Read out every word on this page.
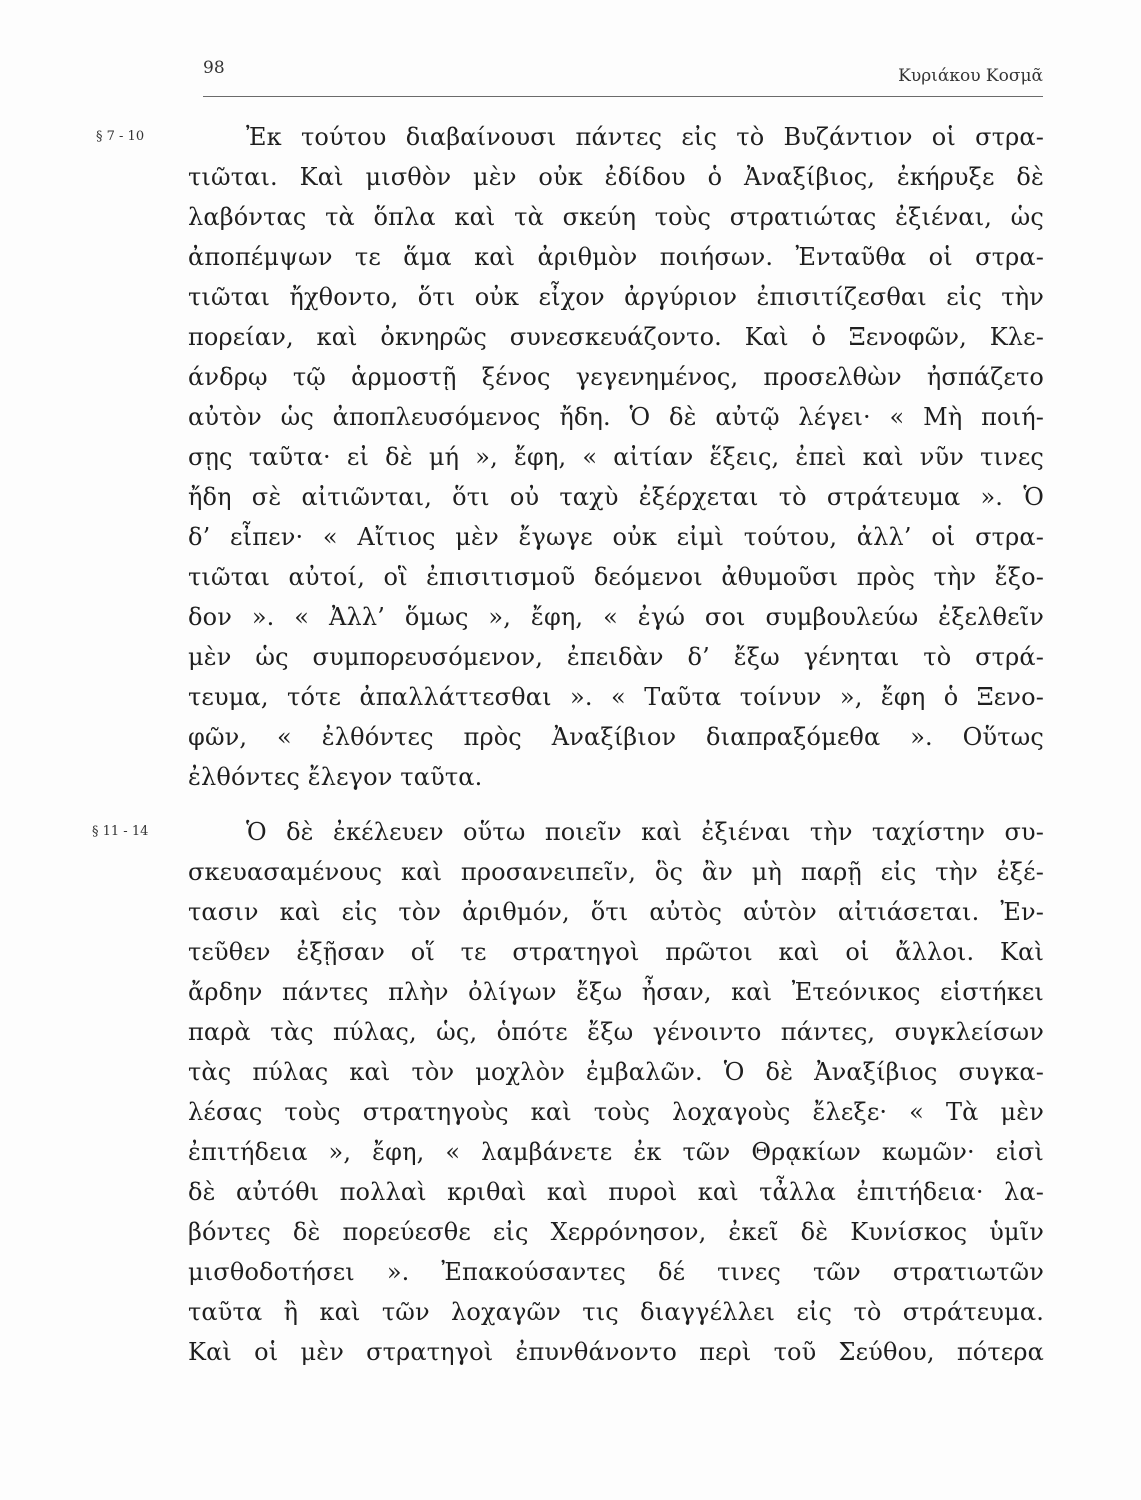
98	Κυριάκου Κοσμᾶ
§ 7 - 10	Ἐκ τούτου διαβαίνουσι πάντες εἰς τὸ Βυζάντιον οἱ στρα-
τιῶται. Καὶ μισθὸν μὲν οὐκ ἐδίδου ὁ Ἀναξίβιος, ἐκήρυξε δὲ
λαβόντας τὰ ὅπλα καὶ τὰ σκεύη τοὺς στρατιώτας ἐξιέναι, ὡς
ἀποπέμψων τε ἅμα καὶ ἀριθμὸν ποιήσων. Ἐνταῦθα οἱ στρα-
τιῶται ἤχθοντο, ὅτι οὐκ εἶχον ἀργύριον ἐπισιτίζεσθαι εἰς τὴν
πορείαν, καὶ ὀκνηρῶς συνεσκευάζοντο. Καὶ ὁ Ξενοφῶν, Κλε-
άνδρῳ τῷ ἁρμοστῇ ξένος γεγενημένος, προσελθὼν ἠσπάζετο
αὐτὸν ὡς ἀποπλευσόμενος ἤδη. Ὁ δὲ αὐτῷ λέγει· « Μὴ ποιή-
σῃς ταῦτα· εἰ δὲ μή », ἔφη, « αἰτίαν ἕξεις, ἐπεὶ καὶ νῦν τινες
ἤδη σὲ αἰτιῶνται, ὅτι οὐ ταχὺ ἐξέρχεται τὸ στράτευμα ». Ὁ
δ’ εἶπεν· « Αἴτιος μὲν ἔγωγε οὐκ εἰμὶ τούτου, ἀλλ’ οἱ στρα-
τιῶται αὐτοί, οἳ ἐπισιτισμοῦ δεόμενοι ἀθυμοῦσι πρὸς τὴν ἔξο-
δον ». « Ἀλλ’ ὅμως », ἔφη, « ἐγώ σοι συμβουλεύω ἐξελθεῖν
μὲν ὡς συμπορευσόμενον, ἐπειδὰν δ’ ἔξω γένηται τὸ στρά-
τευμα, τότε ἀπαλλάττεσθαι ». « Ταῦτα τοίνυν », ἔφη ὁ Ξενο-
φῶν, « ἐλθόντες πρὸς Ἀναξίβιον διαπραξόμεθα ». Οὕτως
ἐλθόντες ἔλεγον ταῦτα.
§ 11 - 14	Ὁ δὲ ἐκέλευεν οὕτω ποιεῖν καὶ ἐξιέναι τὴν ταχίστην συ-
σκευασαμένους καὶ προσανειπεῖν, ὃς ἂν μὴ παρῇ εἰς τὴν ἐξέ-
τασιν καὶ εἰς τὸν ἀριθμόν, ὅτι αὐτὸς αὑτὸν αἰτιάσεται. Ἐν-
τεῦθεν ἐξῇσαν οἵ τε στρατηγοὶ πρῶτοι καὶ οἱ ἄλλοι. Καὶ
ἄρδην πάντες πλὴν ὀλίγων ἔξω ἦσαν, καὶ Ἐτεόνικος εἱστήκει
παρὰ τὰς πύλας, ὡς, ὁπότε ἔξω γένοιντο πάντες, συγκλείσων
τὰς πύλας καὶ τὸν μοχλὸν ἐμβαλῶν. Ὁ δὲ Ἀναξίβιος συγκα-
λέσας τοὺς στρατηγοὺς καὶ τοὺς λοχαγοὺς ἔλεξε· « Τὰ μὲν
ἐπιτήδεια », ἔφη, « λαμβάνετε ἐκ τῶν Θρᾳκίων κωμῶν· εἰσὶ
δὲ αὐτόθι πολλαὶ κριθαὶ καὶ πυροὶ καὶ τἆλλα ἐπιτήδεια· λα-
βόντες δὲ πορεύεσθε εἰς Χερρόνησον, ἐκεῖ δὲ Κυνίσκος ὑμῖν
μισθοδοτήσει ». Ἐπακούσαντες δέ τινες τῶν στρατιωτῶν
ταῦτα ἢ καὶ τῶν λοχαγῶν τις διαγγέλλει εἰς τὸ στράτευμα.
Καὶ οἱ μὲν στρατηγοὶ ἐπυνθάνοντο περὶ τοῦ Σεύθου, πότερα
